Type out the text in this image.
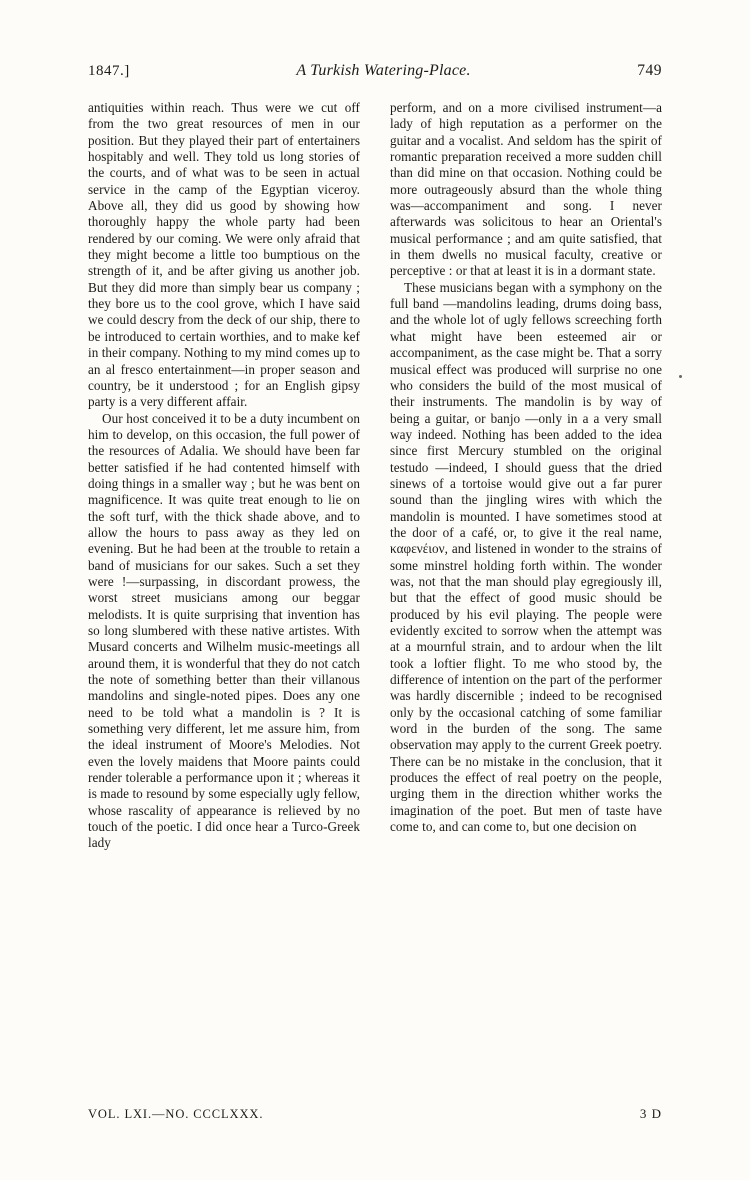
1847.]	A Turkish Watering-Place.	749

antiquities within reach. Thus were we cut off from the two great resources of men in our position. But they played their part of entertainers hospitably and well. They told us long stories of the courts, and of what was to be seen in actual service in the camp of the Egyptian viceroy. Above all, they did us good by showing how thoroughly happy the whole party had been rendered by our coming. We were only afraid that they might become a little too bumptious on the strength of it, and be after giving us another job. But they did more than simply bear us company ; they bore us to the cool grove, which I have said we could descry from the deck of our ship, there to be introduced to certain worthies, and to make kef in their company. Nothing to my mind comes up to an al fresco entertainment—in proper season and country, be it understood ; for an English gipsy party is a very different affair.

Our host conceived it to be a duty incumbent on him to develop, on this occasion, the full power of the resources of Adalia. We should have been far better satisfied if he had contented himself with doing things in a smaller way ; but he was bent on magnificence. It was quite treat enough to lie on the soft turf, with the thick shade above, and to allow the hours to pass away as they led on evening. But he had been at the trouble to retain a band of musicians for our sakes. Such a set they were !—surpassing, in discordant prowess, the worst street musicians among our beggar melodists. It is quite surprising that invention has so long slumbered with these native artistes. With Musard concerts and Wilhelm music-meetings all around them, it is wonderful that they do not catch the note of something better than their villanous mandolins and single-noted pipes. Does any one need to be told what a mandolin is ? It is something very different, let me assure him, from the ideal instrument of Moore's Melodies. Not even the lovely maidens that Moore paints could render tolerable a performance upon it ; whereas it is made to resound by some especially ugly fellow, whose rascality of appearance is relieved by no touch of the poetic. I did once hear a Turco-Greek lady

perform, and on a more civilised instrument—a lady of high reputation as a performer on the guitar and a vocalist. And seldom has the spirit of romantic preparation received a more sudden chill than did mine on that occasion. Nothing could be more outrageously absurd than the whole thing was—accompaniment and song. I never afterwards was solicitous to hear an Oriental's musical performance ; and am quite satisfied, that in them dwells no musical faculty, creative or perceptive : or that at least it is in a dormant state.

These musicians began with a symphony on the full band —mandolins leading, drums doing bass, and the whole lot of ugly fellows screeching forth what might have been esteemed air or accompaniment, as the case might be. That a sorry musical effect was produced will surprise no one who considers the build of the most musical of their instruments. The mandolin is by way of being a guitar, or banjo —only in a a very small way indeed. Nothing has been added to the idea since first Mercury stumbled on the original testudo —indeed, I should guess that the dried sinews of a tortoise would give out a far purer sound than the jingling wires with which the mandolin is mounted. I have sometimes stood at the door of a café, or, to give it the real name, καφενέιον, and listened in wonder to the strains of some minstrel holding forth within. The wonder was, not that the man should play egregiously ill, but that the effect of good music should be produced by his evil playing. The people were evidently excited to sorrow when the attempt was at a mournful strain, and to ardour when the lilt took a loftier flight. To me who stood by, the difference of intention on the part of the performer was hardly discernible ; indeed to be recognised only by the occasional catching of some familiar word in the burden of the song. The same observation may apply to the current Greek poetry. There can be no mistake in the conclusion, that it produces the effect of real poetry on the people, urging them in the direction whither works the imagination of the poet. But men of taste have come to, and can come to, but one decision on

VOL. LXI.—NO. CCCLXXX.	3 D
